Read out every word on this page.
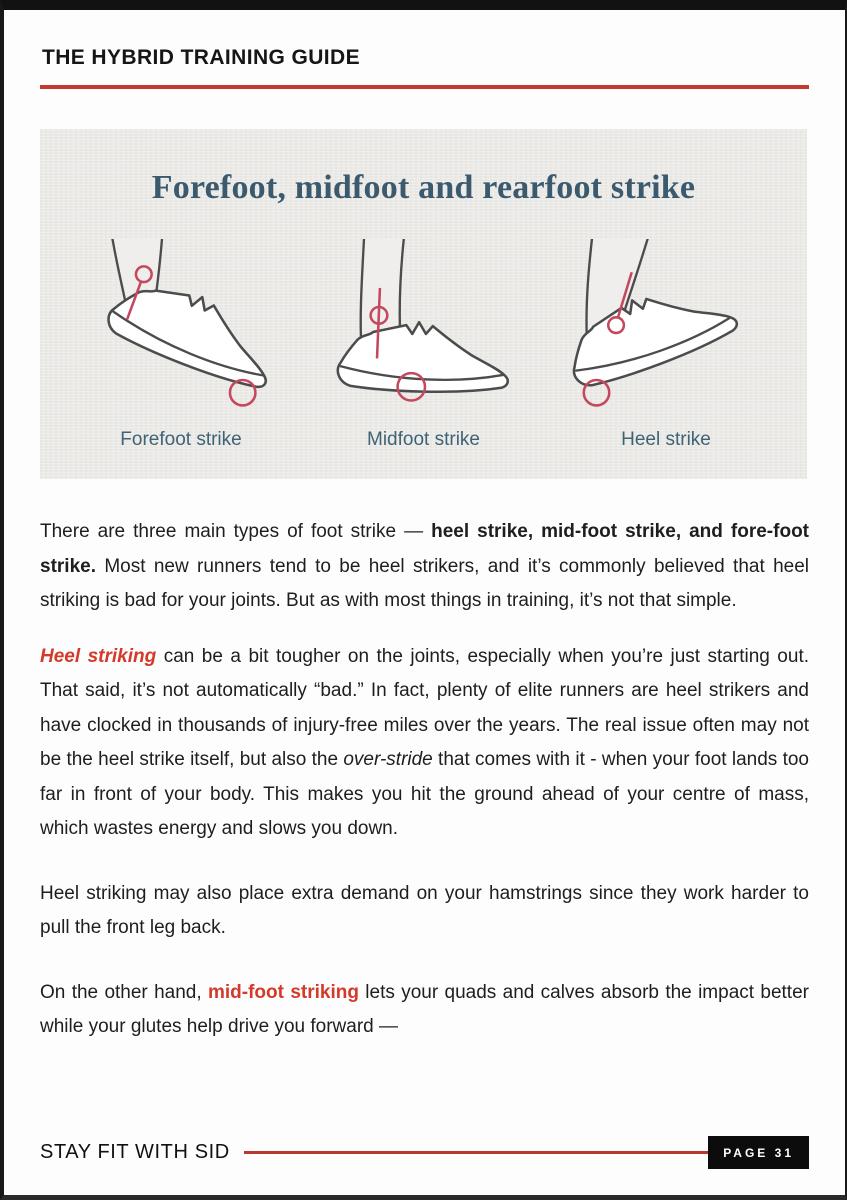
THE HYBRID TRAINING GUIDE
Forefoot, midfoot and rearfoot strike
Forefoot strike	Midfoot strike	Heel strike

There are three main types of foot strike — heel strike, mid-foot strike, and fore-foot strike. Most new runners tend to be heel strikers, and it’s commonly believed that heel striking is bad for your joints. But as with most things in training, it’s not that simple.

Heel striking can be a bit tougher on the joints, especially when you’re just starting out. That said, it’s not automatically “bad.” In fact, plenty of elite runners are heel strikers and have clocked in thousands of injury-free miles over the years. The real issue often may not be the heel strike itself, but also the over-stride that comes with it - when your foot lands too far in front of your body. This makes you hit the ground ahead of your centre of mass, which wastes energy and slows you down.

Heel striking may also place extra demand on your hamstrings since they work harder to pull the front leg back.

On the other hand, mid-foot striking lets your quads and calves absorb the impact better while your glutes help drive you forward —

STAY FIT WITH SID	PAGE 31
